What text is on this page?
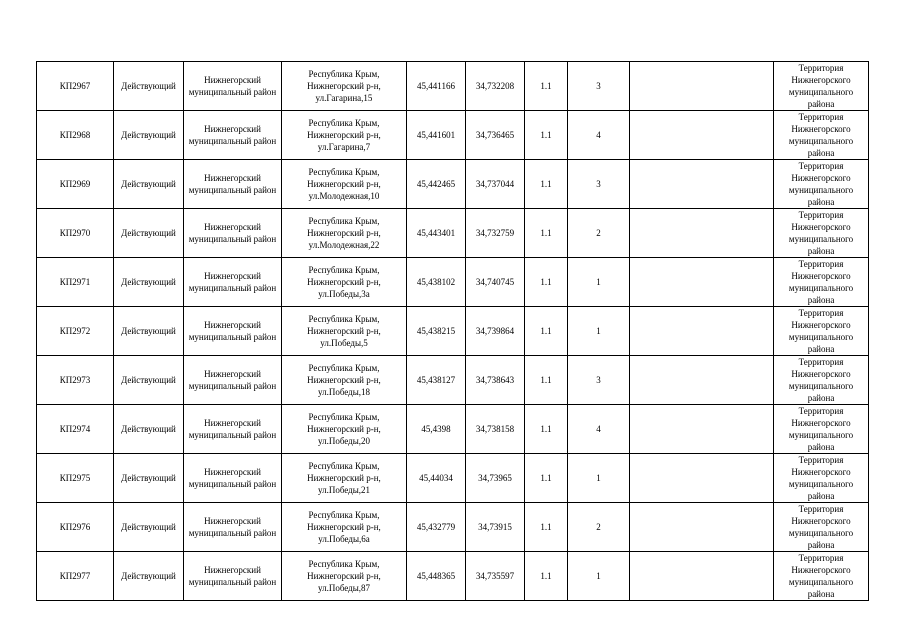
КП2967	Действующий	Нижнегорский
муниципальный район	Республика Крым,
Нижнегорский р-н,
ул.Гагарина,15	45,441166	34,732208	1.1	3		Территория
Нижнегорского
муниципального
района

КП2968	Действующий	Нижнегорский
муниципальный район	Республика Крым,
Нижнегорский р-н,
ул.Гагарина,7	45,441601	34,736465	1.1	4		Территория
Нижнегорского
муниципального
района

КП2969	Действующий	Нижнегорский
муниципальный район	Республика Крым,
Нижнегорский р-н,
ул.Молодежная,10	45,442465	34,737044	1.1	3		Территория
Нижнегорского
муниципального
района

КП2970	Действующий	Нижнегорский
муниципальный район	Республика Крым,
Нижнегорский р-н,
ул.Молодежная,22	45,443401	34,732759	1.1	2		Территория
Нижнегорского
муниципального
района

КП2971	Действующий	Нижнегорский
муниципальный район	Республика Крым,
Нижнегорский р-н,
ул.Победы,3а	45,438102	34,740745	1.1	1		Территория
Нижнегорского
муниципального
района

КП2972	Действующий	Нижнегорский
муниципальный район	Республика Крым,
Нижнегорский р-н,
ул.Победы,5	45,438215	34,739864	1.1	1		Территория
Нижнегорского
муниципального
района

КП2973	Действующий	Нижнегорский
муниципальный район	Республика Крым,
Нижнегорский р-н,
ул.Победы,18	45,438127	34,738643	1.1	3		Территория
Нижнегорского
муниципального
района

КП2974	Действующий	Нижнегорский
муниципальный район	Республика Крым,
Нижнегорский р-н,
ул.Победы,20	45,4398	34,738158	1.1	4		Территория
Нижнегорского
муниципального
района

КП2975	Действующий	Нижнегорский
муниципальный район	Республика Крым,
Нижнегорский р-н,
ул.Победы,21	45,44034	34,73965	1.1	1		Территория
Нижнегорского
муниципального
района

КП2976	Действующий	Нижнегорский
муниципальный район	Республика Крым,
Нижнегорский р-н,
ул.Победы,6а	45,432779	34,73915	1.1	2		Территория
Нижнегорского
муниципального
района

КП2977	Действующий	Нижнегорский
муниципальный район	Республика Крым,
Нижнегорский р-н,
ул.Победы,87	45,448365	34,735597	1.1	1		Территория
Нижнегорского
муниципального
района
